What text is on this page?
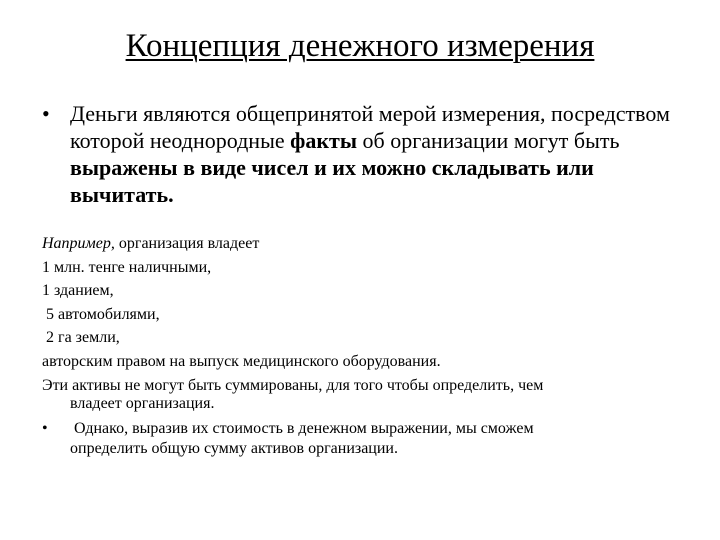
Концепция денежного измерения
• Деньги являются общепринятой мерой измерения, посредством которой неоднородные факты об организации могут быть выражены в виде чисел и их можно складывать или вычитать.
Например, организация владеет
1 млн. тенге наличными,
1 зданием,
5 автомобилями,
2 га земли,
авторским правом на выпуск медицинского оборудования.
Эти активы не могут быть суммированы, для того чтобы определить, чем
владеет организация.
•	Однако, выразив их стоимость в денежном выражении, мы сможем
определить общую сумму активов организации.
